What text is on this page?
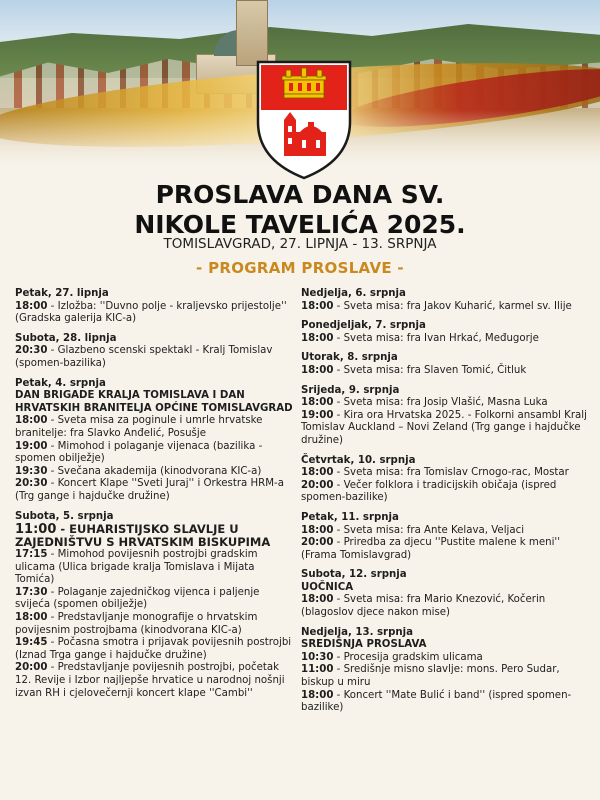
PROSLAVA DANA SV.
NIKOLE TAVELIĆA 2025.
TOMISLAVGRAD, 27. LIPNJA - 13. SRPNJA
- PROGRAM PROSLAVE -
Petak, 27. lipnja
18:00 - Izložba: ''Duvno polje - kraljevsko prijestolje'' (Gradska galerija KIC-a)
Subota, 28. lipnja
20:30 - Glazbeno scenski spektakl - Kralj Tomislav (spomen-bazilika)
Petak, 4. srpnja
DAN BRIGADE KRALJA TOMISLAVA I DAN HRVATSKIH BRANITELJA OPĆINE TOMISLAVGRAD
18:00 - Sveta misa za poginule i umrle hrvatske branitelje: fra Slavko Anđelić, Posušje
19:00 - Mimohod i polaganje vijenaca (bazilika - spomen obilježje)
19:30 - Svečana akademija (kinodvorana KIC-a)
20:30 - Koncert Klape ''Sveti Juraj'' i Orkestra HRM-a (Trg gange i hajdučke družine)
Subota, 5. srpnja
11:00 - EUHARISTIJSKO SLAVLJE U ZAJEDNIŠTVU S HRVATSKIM BISKUPIMA
17:15 - Mimohod povijesnih postrojbi gradskim ulicama (Ulica brigade kralja Tomislava i Mijata Tomića)
17:30 - Polaganje zajedničkog vijenca i paljenje svijeća (spomen obilježje)
18:00 - Predstavljanje monografije o hrvatskim povijesnim postrojbama (kinodvorana KIC-a)
19:45 - Počasna smotra i prijavak povijesnih postrojbi (Iznad Trga gange i hajdučke družine)
20:00 - Predstavljanje povijesnih postrojbi, početak 12. Revije i Izbor najljepše hrvatice u narodnoj nošnji izvan RH i cjelovečernji koncert klape ''Cambi''
Nedjelja, 6. srpnja
18:00 - Sveta misa: fra Jakov Kuharić, karmel sv. Ilije
Ponedjeljak, 7. srpnja
18:00 - Sveta misa: fra Ivan Hrkać, Međugorje
Utorak, 8. srpnja
18:00 - Sveta misa: fra Slaven Tomić, Čitluk
Srijeda, 9. srpnja
18:00 - Sveta misa: fra Josip Vlašić, Masna Luka
19:00 - Kira ora Hrvatska 2025. - Folkorni ansambl Kralj Tomislav Auckland – Novi Zeland (Trg gange i hajdučke družine)
Četvrtak, 10. srpnja
18:00 - Sveta misa: fra Tomislav Crnogo-rac, Mostar
20:00 - Večer folklora i tradicijskih običaja (ispred spomen-bazilike)
Petak, 11. srpnja
18:00 - Sveta misa: fra Ante Kelava, Veljaci
20:00 - Priredba za djecu ''Pustite malene k meni'' (Frama Tomislavgrad)
Subota, 12. srpnja
UOČNICA
18:00 - Sveta misa: fra Mario Knezović, Kočerin (blagoslov djece nakon mise)
Nedjelja, 13. srpnja
SREDIŠNJA PROSLAVA
10:30 - Procesija gradskim ulicama
11:00 - Središnje misno slavlje: mons. Pero Sudar, biskup u miru
18:00 - Koncert ''Mate Bulić i band'' (ispred spomen-bazilike)
